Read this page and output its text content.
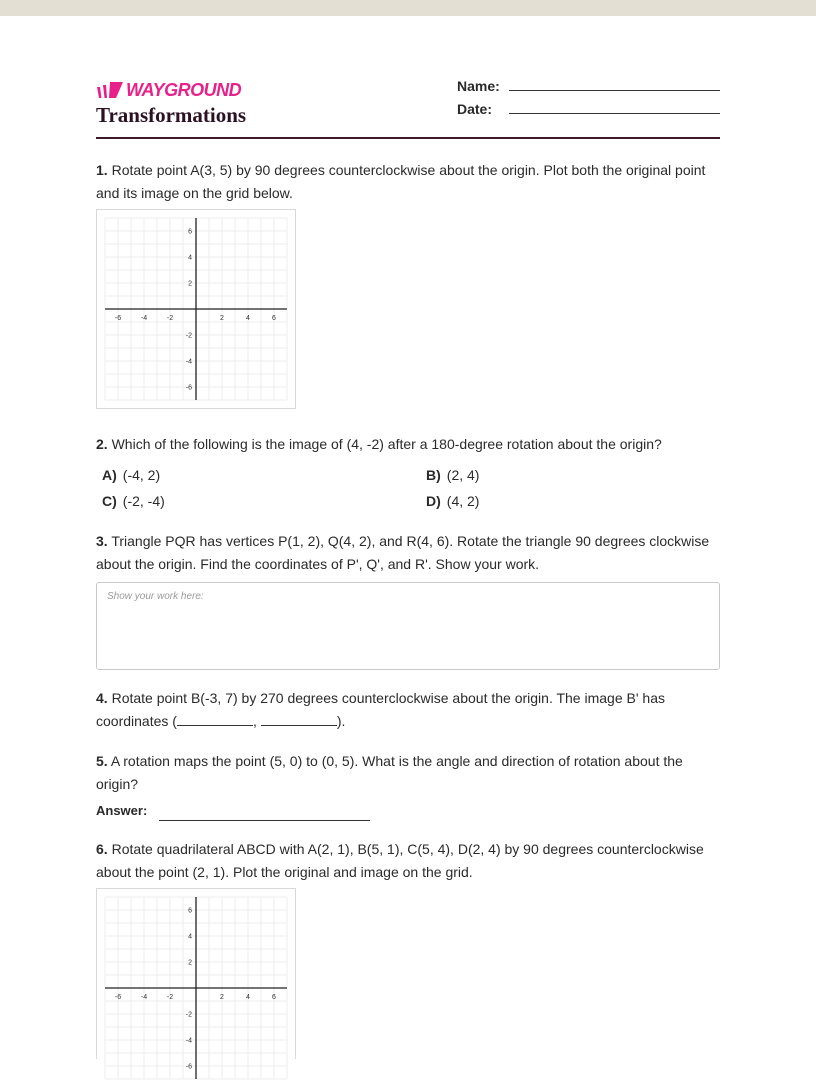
WAYGROUND
Transformations
Name:
Date:
1. Rotate point A(3, 5) by 90 degrees counterclockwise about the origin. Plot both the original point and its image on the grid below.
-6	-4	-2	2	4	6
6
4
2
-2
-4
-6
2. Which of the following is the image of (4, -2) after a 180-degree rotation about the origin?
A) (-4, 2)	B) (2, 4)
C) (-2, -4)	D) (4, 2)
3. Triangle PQR has vertices P(1, 2), Q(4, 2), and R(4, 6). Rotate the triangle 90 degrees clockwise about the origin. Find the coordinates of P', Q', and R'. Show your work.
Show your work here:
4. Rotate point B(-3, 7) by 270 degrees counterclockwise about the origin. The image B' has coordinates (	,	).
5. A rotation maps the point (5, 0) to (0, 5). What is the angle and direction of rotation about the origin?
Answer:
6. Rotate quadrilateral ABCD with A(2, 1), B(5, 1), C(5, 4), D(2, 4) by 90 degrees counterclockwise about the point (2, 1). Plot the original and image on the grid.
-6	-4	-2	2	4	6
6
4
2
-2
-4
-6
